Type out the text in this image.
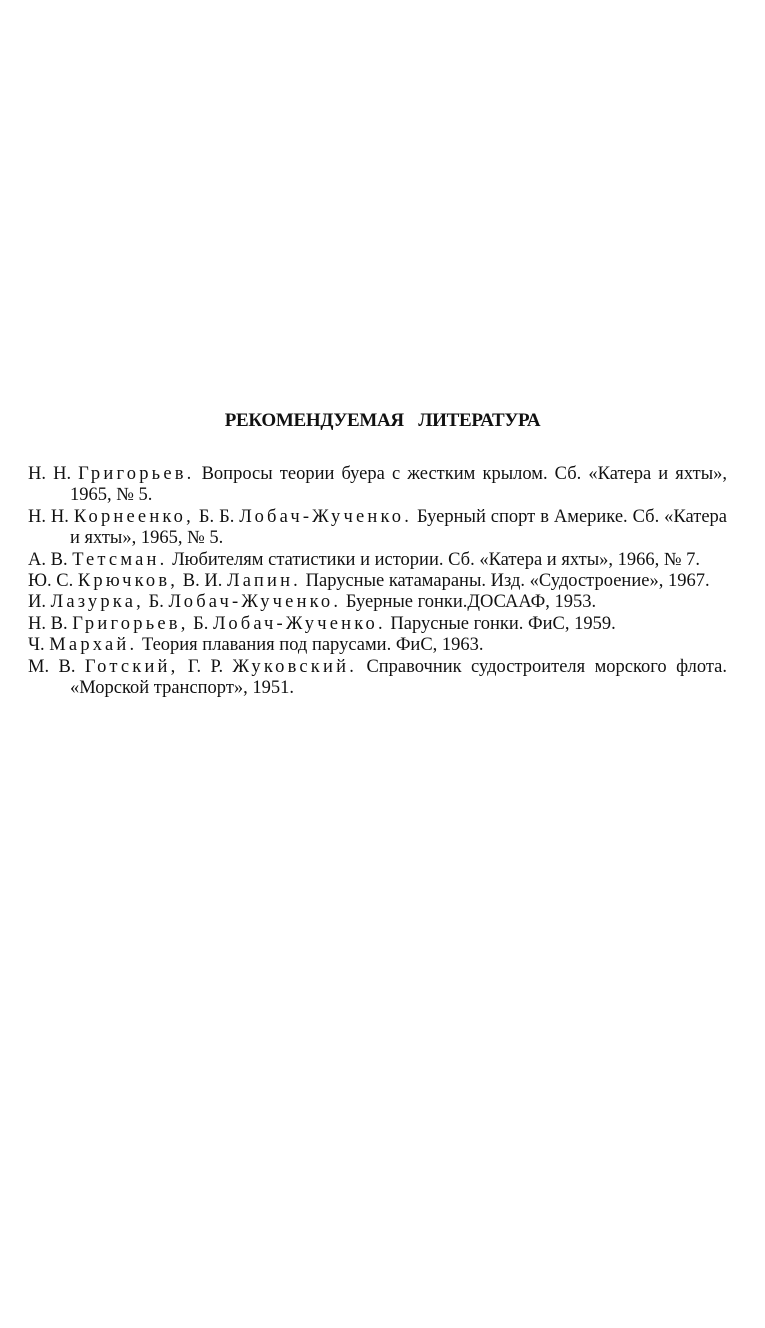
РЕКОМЕНДУЕМАЯ ЛИТЕРАТУРА

Н. Н. Григорьев. Вопросы теории буера с жестким крылом. Сб. «Катера и яхты», 1965, № 5.

Н. Н. Корнеенко, Б. Б. Лобач-Жученко. Буерный спорт в Америке. Сб. «Катера и яхты», 1965, № 5.

А. В. Тетсман. Любителям статистики и истории. Сб. «Катера и яхты», 1966, № 7.

Ю. С. Крючков, В. И. Лапин. Парусные катамараны. Изд. «Судостроение», 1967.

И. Лазурка, Б. Лобач-Жученко. Буерные гонки.ДОСААФ, 1953.

Н. В. Григорьев, Б. Лобач-Жученко. Парусные гонки. ФиС, 1959.

Ч. Мархай. Теория плавания под парусами. ФиС, 1963.

М. В. Готский, Г. Р. Жуковский. Справочник судостроителя морского флота. «Морской транспорт», 1951.
